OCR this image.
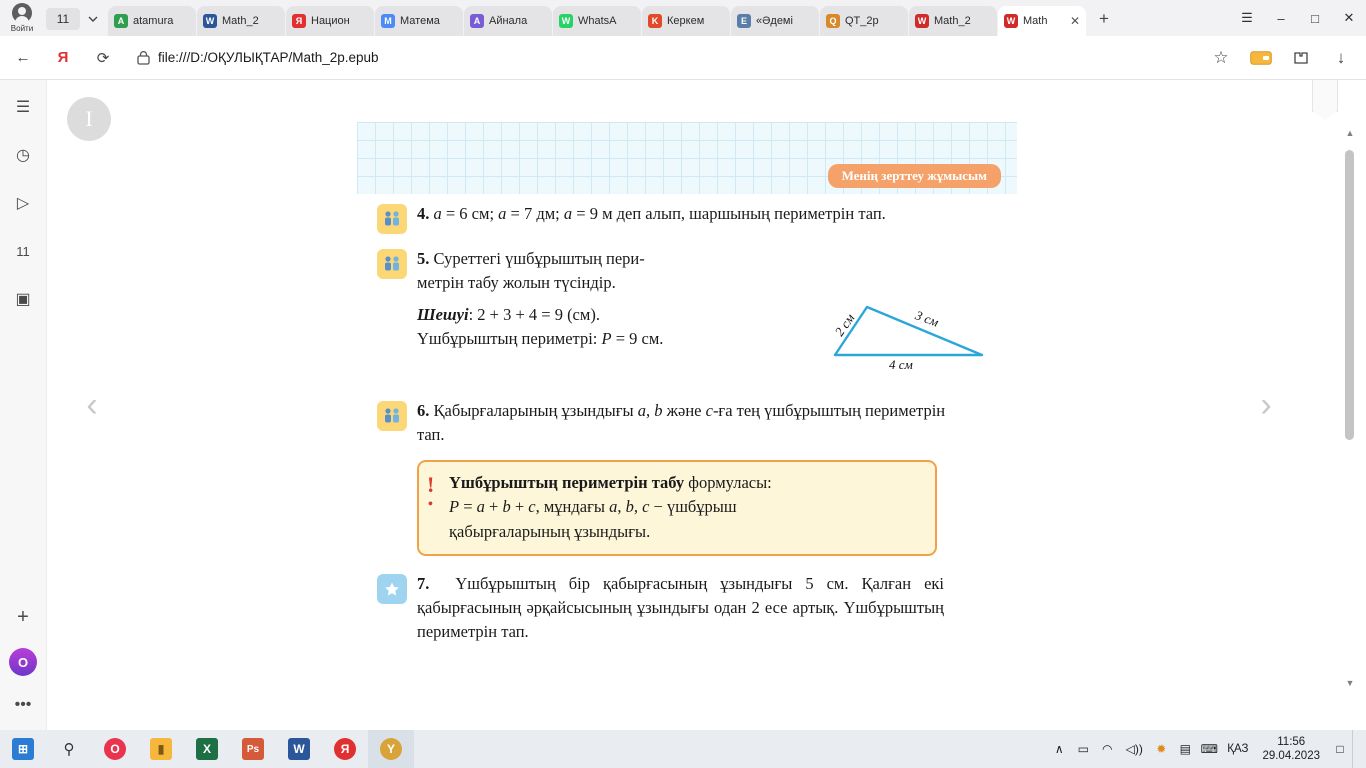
Войти
11	A atamura	W Math_2	Я Национ	M Матема	A Айнала	W WhatsA	K Керкем	E «Әдемі	Q QT_2p	W Math_2	W Math	✕	+	☰	–	□	✕
←	Я	⟳	file:///D:/ОҚУЛЫҚТАР/Math_2p.epub	☆	↓
☰
◷
▷
11
▣
+
O
•••
I
‹	›
Менің зерттеу жұмысым
4. a = 6 см; a = 7 дм; a = 9 м деп алып, шаршының периметрін тап.
5. Суреттегі үшбұрыштың пери-
метрін табу жолын түсіндір.
Шешуі: 2 + 3 + 4 = 9 (см).
Үшбұрыштың периметрі: P = 9 см.	2 см	3 см
4 см
6. Қабырғаларының ұзындығы a, b және c-ға тең үшбұрыштың периметрін тап.
!
•
Үшбұрыштың периметрін табу формуласы:
P = a + b + c, мұндағы a, b, c − үшбұрыш
қабырғаларының ұзындығы.
7.  Үшбұрыштың бір қабырғасының ұзындығы 5 см. Қалған екі қабырғасының әрқайсысының ұзындығы одан 2 есе артық. Үшбұрыштың периметрін тап.
▲
▼
⊞	⚲	O	▮	X	Ps	W	Я	Y	∧	▭	◠	◁))	✹	▤ ⌨ ҚАЗ
11:56
29.04.2023	□
